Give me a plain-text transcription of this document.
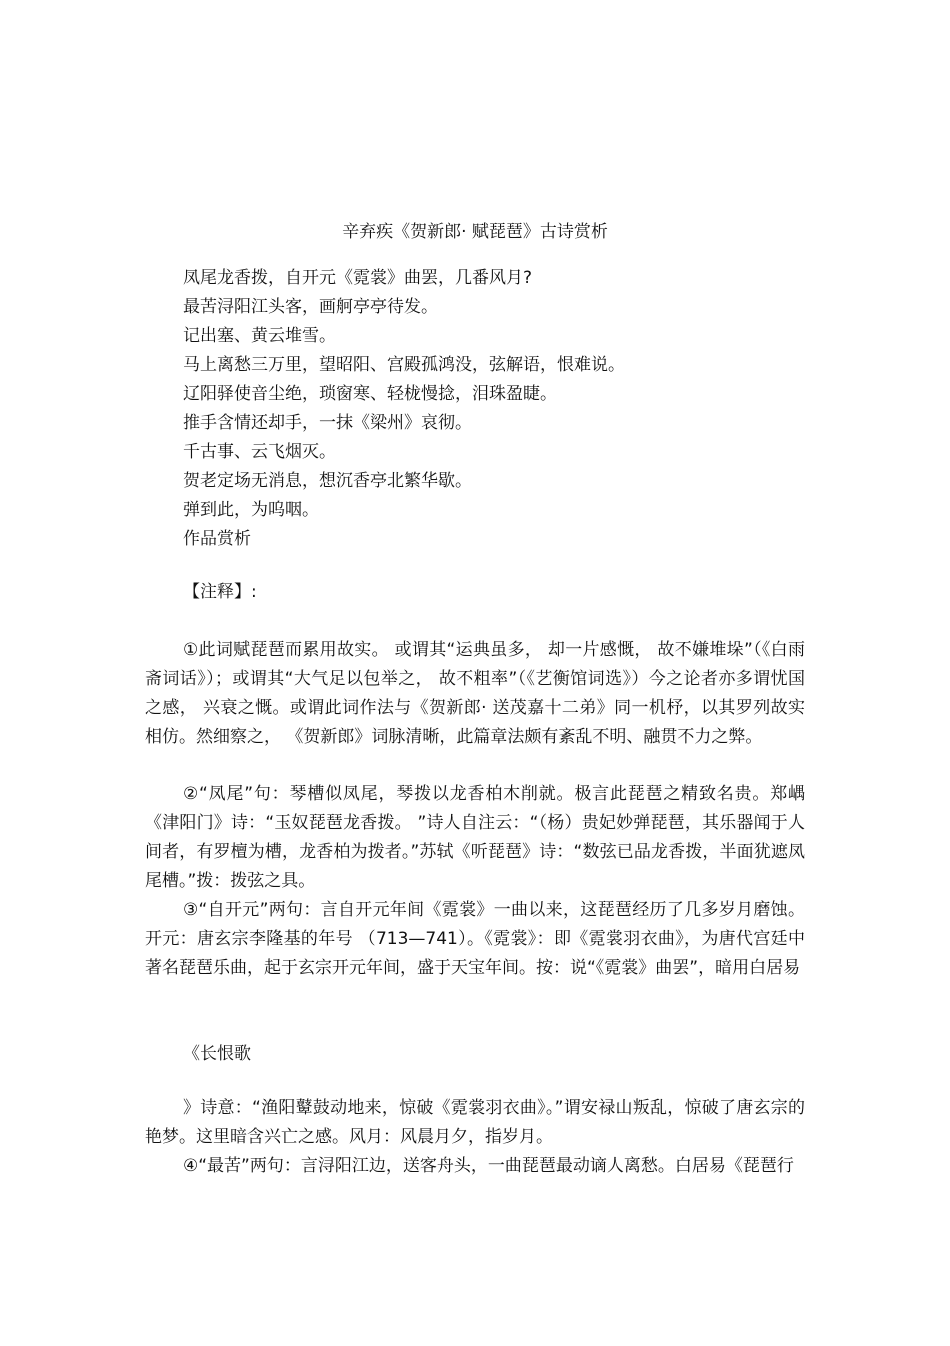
辛弃疾《贺新郎· 赋琵琶》古诗赏析
凤尾龙香拨，自开元《霓裳》曲罢，几番风月?
最苦浔阳江头客，画舸亭亭待发。
记出塞、黄云堆雪。
马上离愁三万里，望昭阳、宫殿孤鸿没，弦解语，恨难说。
辽阳驿使音尘绝，琐窗寒、轻栊慢捻，泪珠盈睫。
推手含情还却手，一抹《梁州》哀彻。
千古事、云飞烟灭。
贺老定场无消息，想沉香亭北繁华歇。
弹到此，为呜咽。
作品赏析
【注释】:

①此词赋琵琶而累用故实。 或谓其“运典虽多， 却一片感慨， 故不嫌堆垛”（《白雨斋词话》）；或谓其“大气足以包举之， 故不粗率”（《艺衡馆词选》）今之论者亦多谓忧国之感， 兴衰之慨。或谓此词作法与《贺新郎· 送茂嘉十二弟》同一机杼，以其罗列故实相仿。然细察之， 《贺新郎》词脉清晰，此篇章法颇有紊乱不明、融贯不力之弊。

②“凤尾”句：琴槽似凤尾，琴拨以龙香柏木削就。极言此琵琶之精致名贵。郑嵎《津阳门》诗：“玉奴琵琶龙香拨。 ”诗人自注云：“（杨）贵妃妙弹琵琶，其乐器闻于人间者，有罗檀为槽，龙香柏为拨者。”苏轼《听琵琶》诗：“数弦已品龙香拨，半面犹遮凤尾槽。”拨：拨弦之具。

③“自开元”两句：言自开元年间《霓裳》一曲以来，这琵琶经历了几多岁月磨蚀。开元：唐玄宗李隆基的年号 （713—741）。《霓裳》：即《霓裳羽衣曲》，为唐代宫廷中著名琵琶乐曲，起于玄宗开元年间，盛于天宝年间。按：说“《霓裳》曲罢”，暗用白居易

《长恨歌

》诗意：“渔阳鼙鼓动地来，惊破《霓裳羽衣曲》。”谓安禄山叛乱，惊破了唐玄宗的艳梦。这里暗含兴亡之感。风月：风晨月夕，指岁月。

④“最苦”两句：言浔阳江边，送客舟头，一曲琵琶最动谪人离愁。白居易《琵琶行
